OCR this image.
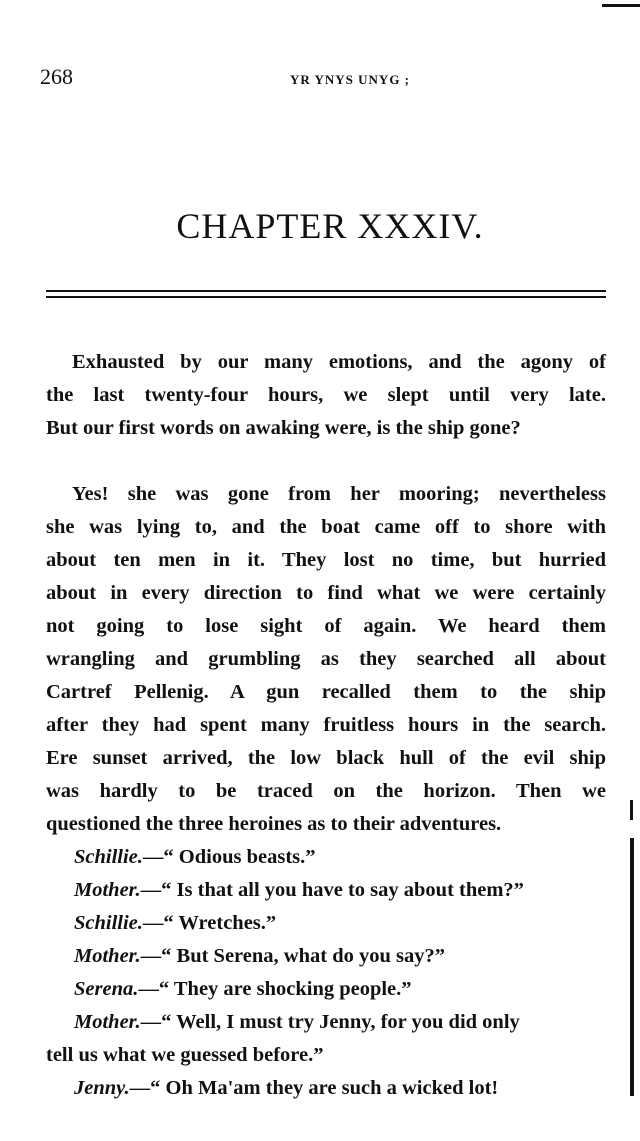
268	YR YNYS UNYG ;
CHAPTER XXXIV.
Exhausted by our many emotions, and the agony of
the last twenty-four hours, we slept until very late.
But our first words on awaking were, is the ship gone?
Yes! she was gone from her mooring; nevertheless
she was lying to, and the boat came off to shore with
about ten men in it. They lost no time, but hurried
about in every direction to find what we were certainly
not going to lose sight of again. We heard them
wrangling and grumbling as they searched all about
Cartref Pellenig. A gun recalled them to the ship
after they had spent many fruitless hours in the search.
Ere sunset arrived, the low black hull of the evil ship
was hardly to be traced on the horizon. Then we
questioned the three heroines as to their adventures.
Schillie.—“ Odious beasts.”
Mother.—“ Is that all you have to say about them?”
Schillie.—“ Wretches.”
Mother.—“ But Serena, what do you say?”
Serena.—“ They are shocking people.”
Mother.—“ Well, I must try Jenny, for you did only
tell us what we guessed before.”
Jenny.—“ Oh Ma'am they are such a wicked lot!
